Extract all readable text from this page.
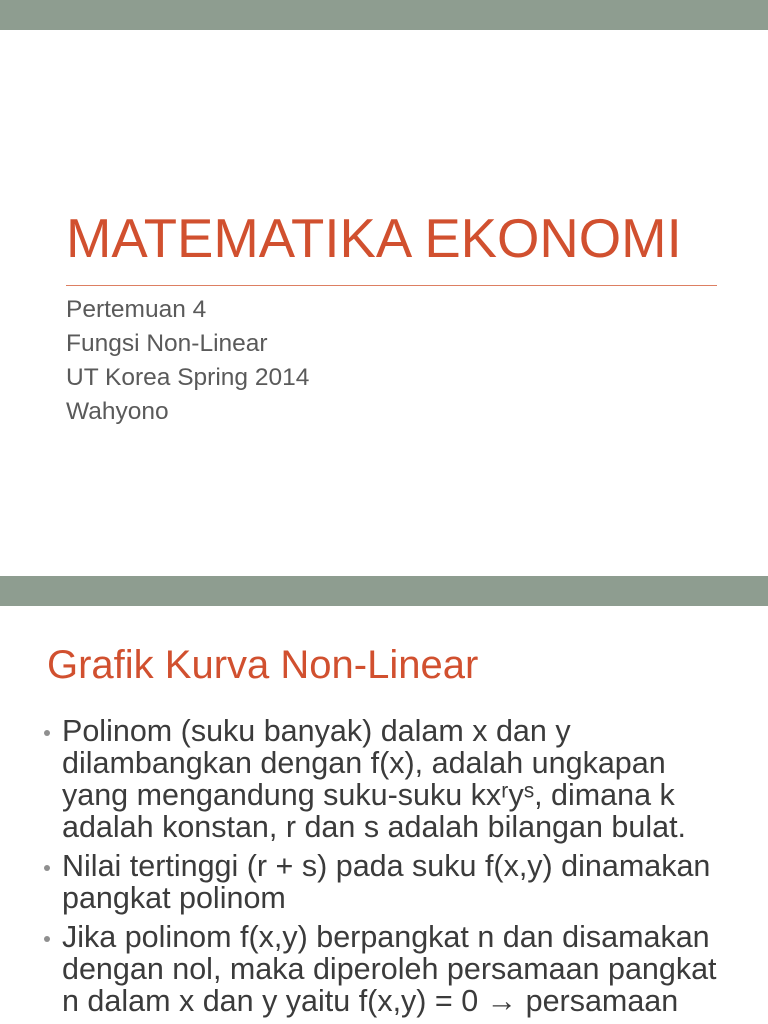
MATEMATIKA EKONOMI
Pertemuan 4
Fungsi Non-Linear
UT Korea Spring 2014
Wahyono
Grafik Kurva Non-Linear
Polinom (suku banyak) dalam x dan y
dilambangkan dengan f(x), adalah ungkapan
yang mengandung suku-suku kxʳyˢ, dimana k
adalah konstan, r dan s adalah bilangan bulat.
Nilai tertinggi (r + s) pada suku f(x,y) dinamakan
pangkat polinom
Jika polinom f(x,y) berpangkat n dan disamakan
dengan nol, maka diperoleh persamaan pangkat
n dalam x dan y yaitu f(x,y) = 0 → persamaan
